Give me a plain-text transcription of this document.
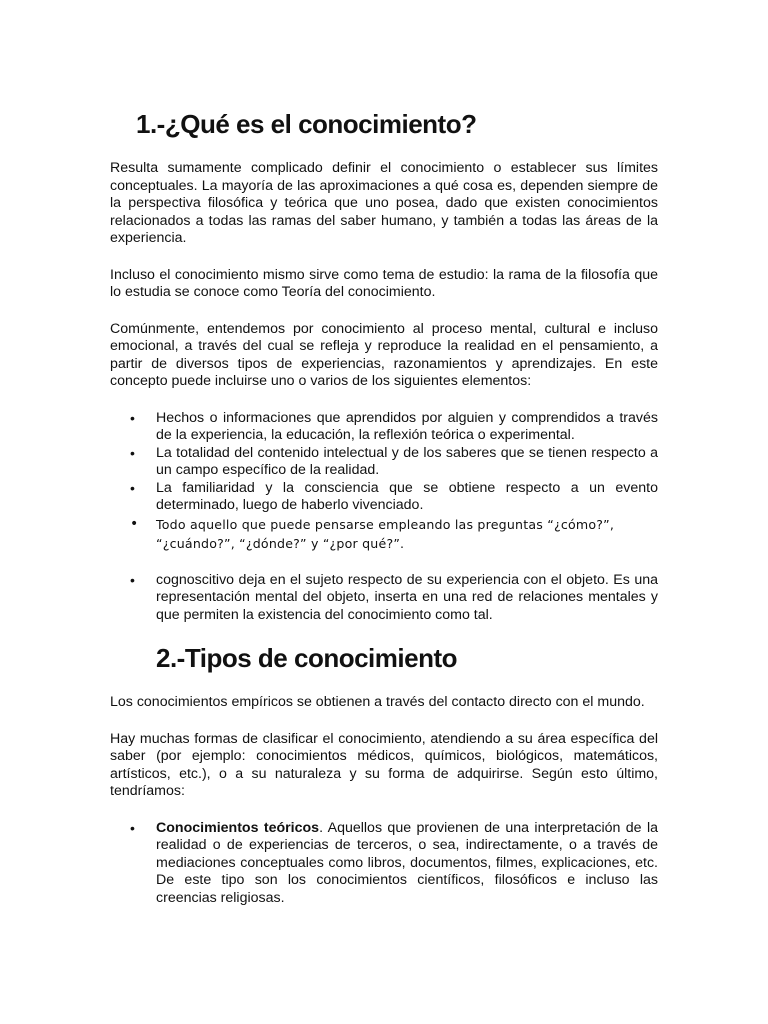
1.-¿Qué es el conocimiento?

Resulta sumamente complicado definir el conocimiento o establecer sus límites conceptuales. La mayoría de las aproximaciones a qué cosa es, dependen siempre de la perspectiva filosófica y teórica que uno posea, dado que existen conocimientos relacionados a todas las ramas del saber humano, y también a todas las áreas de la experiencia.

Incluso el conocimiento mismo sirve como tema de estudio: la rama de la filosofía que lo estudia se conoce como Teoría del conocimiento.

Comúnmente, entendemos por conocimiento al proceso mental, cultural e incluso emocional, a través del cual se refleja y reproduce la realidad en el pensamiento, a partir de diversos tipos de experiencias, razonamientos y aprendizajes. En este concepto puede incluirse uno o varios de los siguientes elementos:

• Hechos o informaciones que aprendidos por alguien y comprendidos a través de la experiencia, la educación, la reflexión teórica o experimental.
• La totalidad del contenido intelectual y de los saberes que se tienen respecto a un campo específico de la realidad.
• La familiaridad y la consciencia que se obtiene respecto a un evento determinado, luego de haberlo vivenciado.
• Todo aquello que puede pensarse empleando las preguntas “¿cómo?”, “¿cuándo?”, “¿dónde?” y “¿por qué?”.
• cognoscitivo deja en el sujeto respecto de su experiencia con el objeto. Es una representación mental del objeto, inserta en una red de relaciones mentales y que permiten la existencia del conocimiento como tal.
2.-Tipos de conocimiento

Los conocimientos empíricos se obtienen a través del contacto directo con el mundo.

Hay muchas formas de clasificar el conocimiento, atendiendo a su área específica del saber (por ejemplo: conocimientos médicos, químicos, biológicos, matemáticos, artísticos, etc.), o a su naturaleza y su forma de adquirirse. Según esto último, tendríamos:

• Conocimientos teóricos. Aquellos que provienen de una interpretación de la realidad o de experiencias de terceros, o sea, indirectamente, o a través de mediaciones conceptuales como libros, documentos, filmes, explicaciones, etc. De este tipo son los conocimientos científicos, filosóficos e incluso las creencias religiosas.
